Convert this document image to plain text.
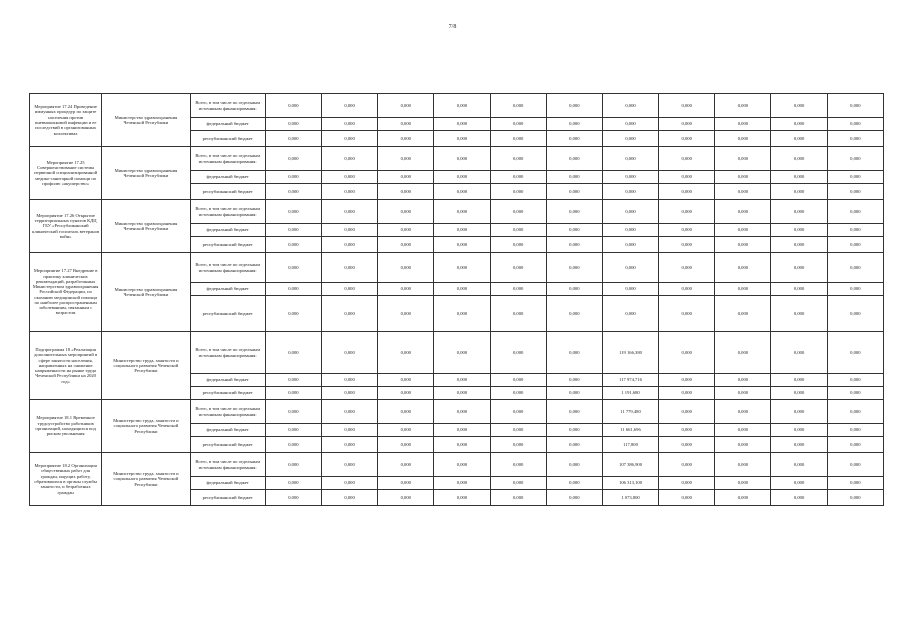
7/8
Мероприятие 17.24 Проведение иммунных процедур по защите населения против пневмококковой инфекции и ее последствий в организованных коллективах	Министерство здравоохранения Чеченской Республики	Всего, в том числе по отдельным источникам финансирования:	0,000	0,000	0,000	0,000	0,000	0,000	0,000	0,000	0,000	0,000	0,000
		федеральный бюджет	0,000	0,000	0,000	0,000	0,000	0,000	0,000	0,000	0,000	0,000	0,000
		республиканский бюджет	0,000	0,000	0,000	0,000	0,000	0,000	0,000	0,000	0,000	0,000	0,000
Мероприятие 17.25 Совершенствование системы первичной специализированной медико-санитарной помощи по профилю «акушерство»	Министерство здравоохранения Чеченской Республики	Всего, в том числе по отдельным источникам финансирования:	0,000	0,000	0,000	0,000	0,000	0,000	0,000	0,000	0,000	0,000	0,000
		федеральный бюджет	0,000	0,000	0,000	0,000	0,000	0,000	0,000	0,000	0,000	0,000	0,000
		республиканский бюджет	0,000	0,000	0,000	0,000	0,000	0,000	0,000	0,000	0,000	0,000	0,000
Мероприятие 17.26 Открытие территориальных пунктов КДЦ ГБУ «Республиканский клинический госпиталь ветеранов войн»	Министерство здравоохранения Чеченской Республики	Всего, в том числе по отдельным источникам финансирования:	0,000	0,000	0,000	0,000	0,000	0,000	0,000	0,000	0,000	0,000	0,000
		федеральный бюджет	0,000	0,000	0,000	0,000	0,000	0,000	0,000	0,000	0,000	0,000	0,000
		республиканский бюджет	0,000	0,000	0,000	0,000	0,000	0,000	0,000	0,000	0,000	0,000	0,000
Мероприятие 17.27 Внедрение в практику клинических рекомендаций, разработанных Министерством здравоохранения Российской Федерации, по оказанию медицинской помощи по наиболее распространенным заболеваниям, связанным с возрастом	Министерство здравоохранения Чеченской Республики	Всего, в том числе по отдельным источникам финансирования:	0,000	0,000	0,000	0,000	0,000	0,000	0,000	0,000	0,000	0,000	0,000
		федеральный бюджет	0,000	0,000	0,000	0,000	0,000	0,000	0,000	0,000	0,000	0,000	0,000
		республиканский бюджет	0,000	0,000	0,000	0,000	0,000	0,000	0,000	0,000	0,000	0,000	0,000
Подпрограмма 18 «Реализация дополнительных мероприятий в сфере занятости населения, направленных на снижение напряженности на рынке труда Чеченской Республики на 2020 год»	Министерство труда, занятости и социального развития Чеченской Республики	Всего, в том числе по отдельным источникам финансирования:	0,000	0,000	0,000	0,000	0,000	0,000	119 166,380	0,000	0,000	0,000	0,000
		федеральный бюджет	0,000	0,000	0,000	0,000	0,000	0,000	117 974,716	0,000	0,000	0,000	0,000
		республиканский бюджет	0,000	0,000	0,000	0,000	0,000	0,000	1 191,680	0,000	0,000	0,000	0,000
Мероприятие 18.1 Временное трудоустройство работников организаций, находящихся под риском увольнения	Министерство труда, занятости и социального развития Чеченской Республики	Всего, в том числе по отдельным источникам финансирования:	0,000	0,000	0,000	0,000	0,000	0,000	11 779,480	0,000	0,000	0,000	0,000
		федеральный бюджет	0,000	0,000	0,000	0,000	0,000	0,000	11 661,696	0,000	0,000	0,000	0,000
		республиканский бюджет	0,000	0,000	0,000	0,000	0,000	0,000	117,800	0,000	0,000	0,000	0,000
Мероприятие 18.2 Организация общественных работ для граждан, ищущих работу, обратившихся в органы службы занятости, и безработных граждан	Министерство труда, занятости и социального развития Чеченской Республики	Всего, в том числе по отдельным источникам финансирования:	0,000	0,000	0,000	0,000	0,000	0,000	107 386,900	0,000	0,000	0,000	0,000
		федеральный бюджет	0,000	0,000	0,000	0,000	0,000	0,000	106 313,100	0,000	0,000	0,000	0,000
		республиканский бюджет	0,000	0,000	0,000	0,000	0,000	0,000	1 073,800	0,000	0,000	0,000	0,000
